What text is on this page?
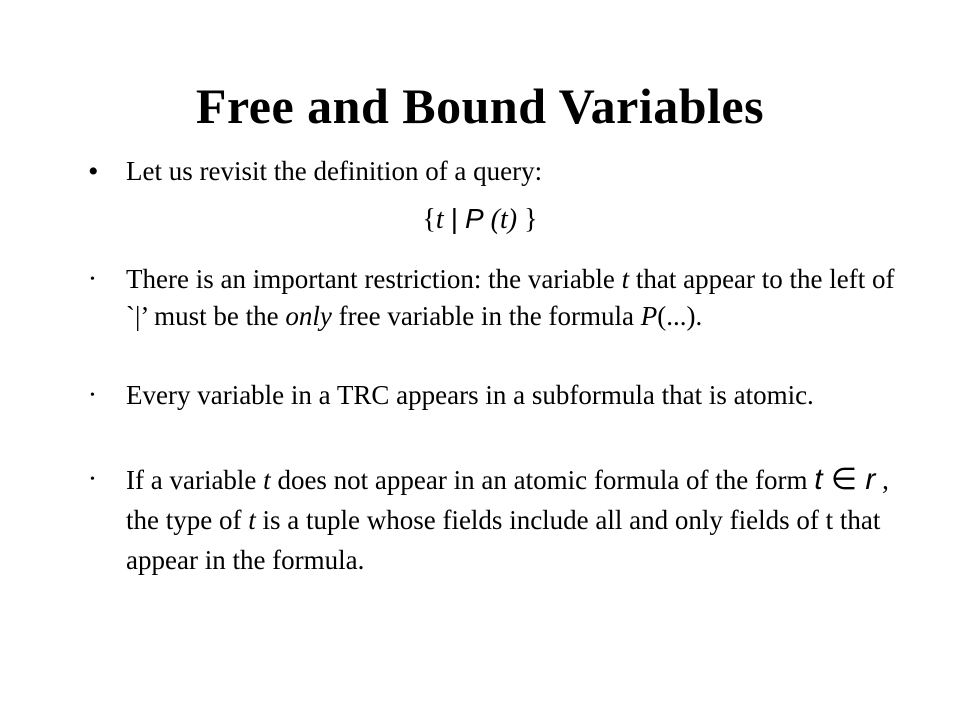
Free and Bound Variables
•	Let us revisit the definition of a query:
{t | P (t) }
•	There is an important restriction: the variable t that appear to the left of `|’ must be the only free variable in the formula P(...).
•	Every variable in a TRC appears in a subformula that is atomic.
•	If a variable t does not appear in an atomic formula of the form t ∈ r , the type of t is a tuple whose fields include all and only fields of t that appear in the formula.
